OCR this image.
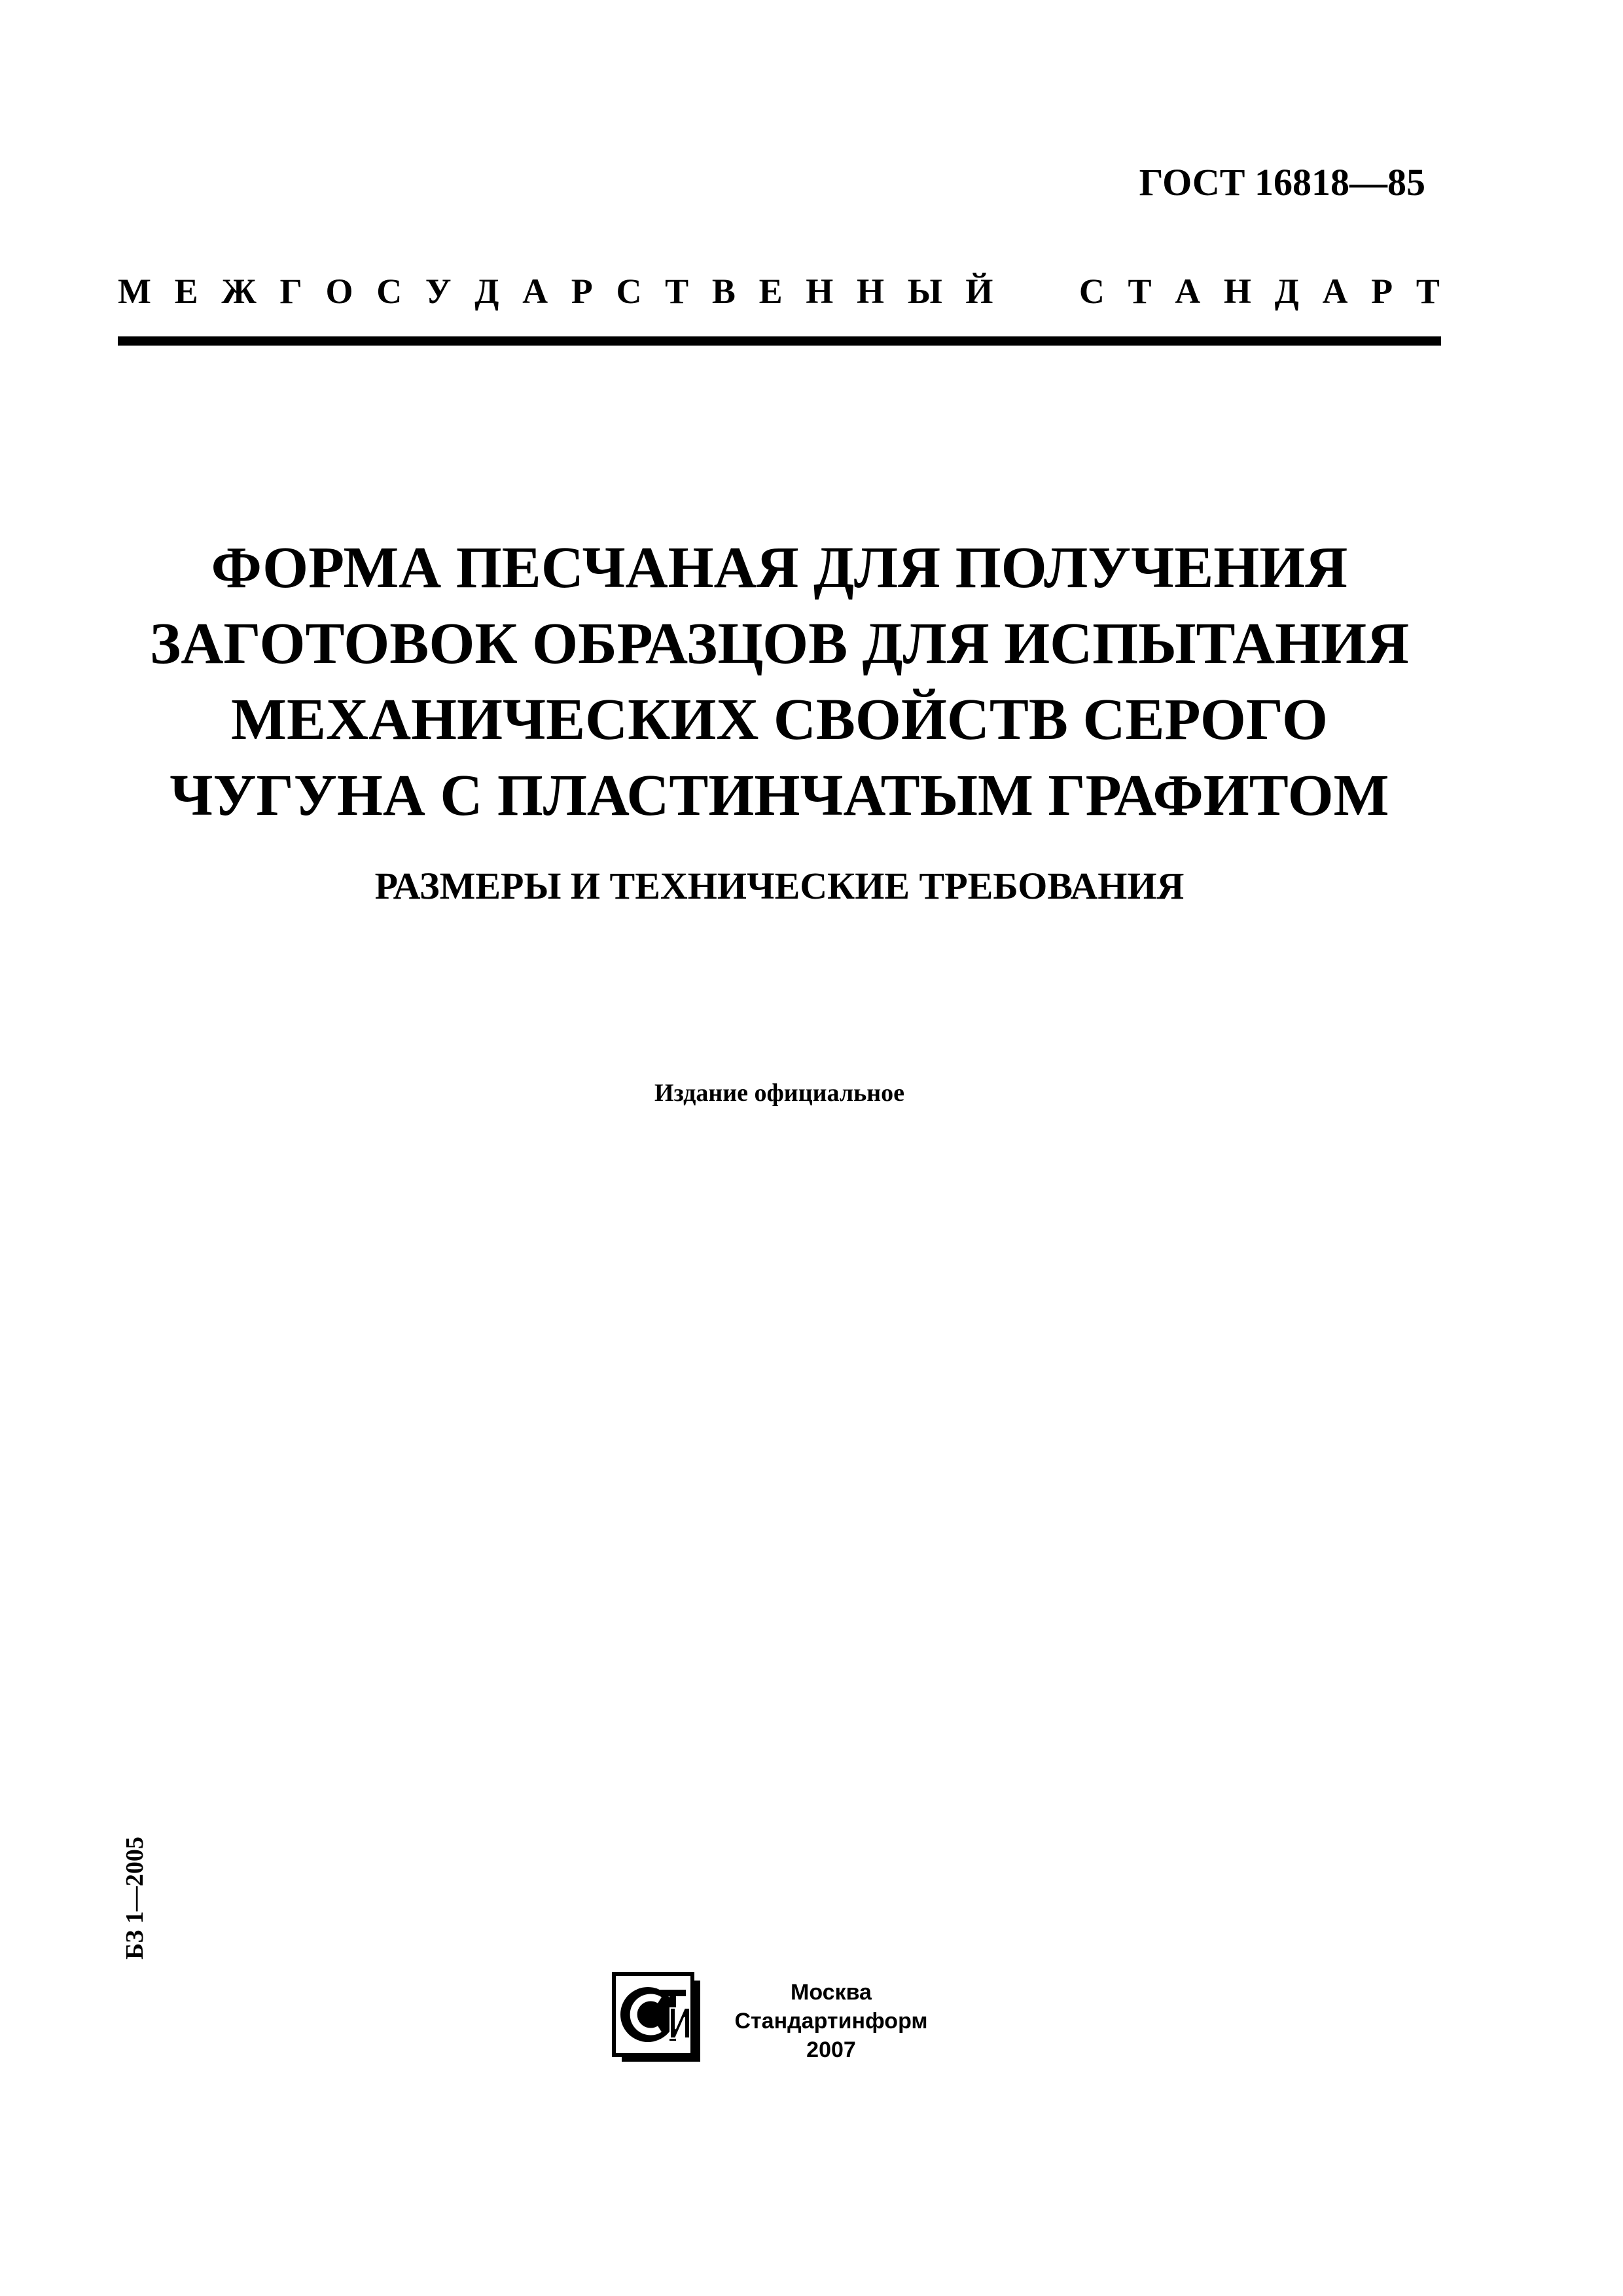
ГОСТ 16818—85
М Е Ж Г О С У Д А Р С Т В Е Н Н Ы Й С Т А Н Д А Р Т
ФОРМА ПЕСЧАНАЯ ДЛЯ ПОЛУЧЕНИЯ
ЗАГОТОВОК ОБРАЗЦОВ ДЛЯ ИСПЫТАНИЯ
МЕХАНИЧЕСКИХ СВОЙСТВ СЕРОГО
ЧУГУНА С ПЛАСТИНЧАТЫМ ГРАФИТОМ
РАЗМЕРЫ И ТЕХНИЧЕСКИЕ ТРЕБОВАНИЯ
Издание официальное
БЗ 1—2005
Москва
Стандартинформ
2007
